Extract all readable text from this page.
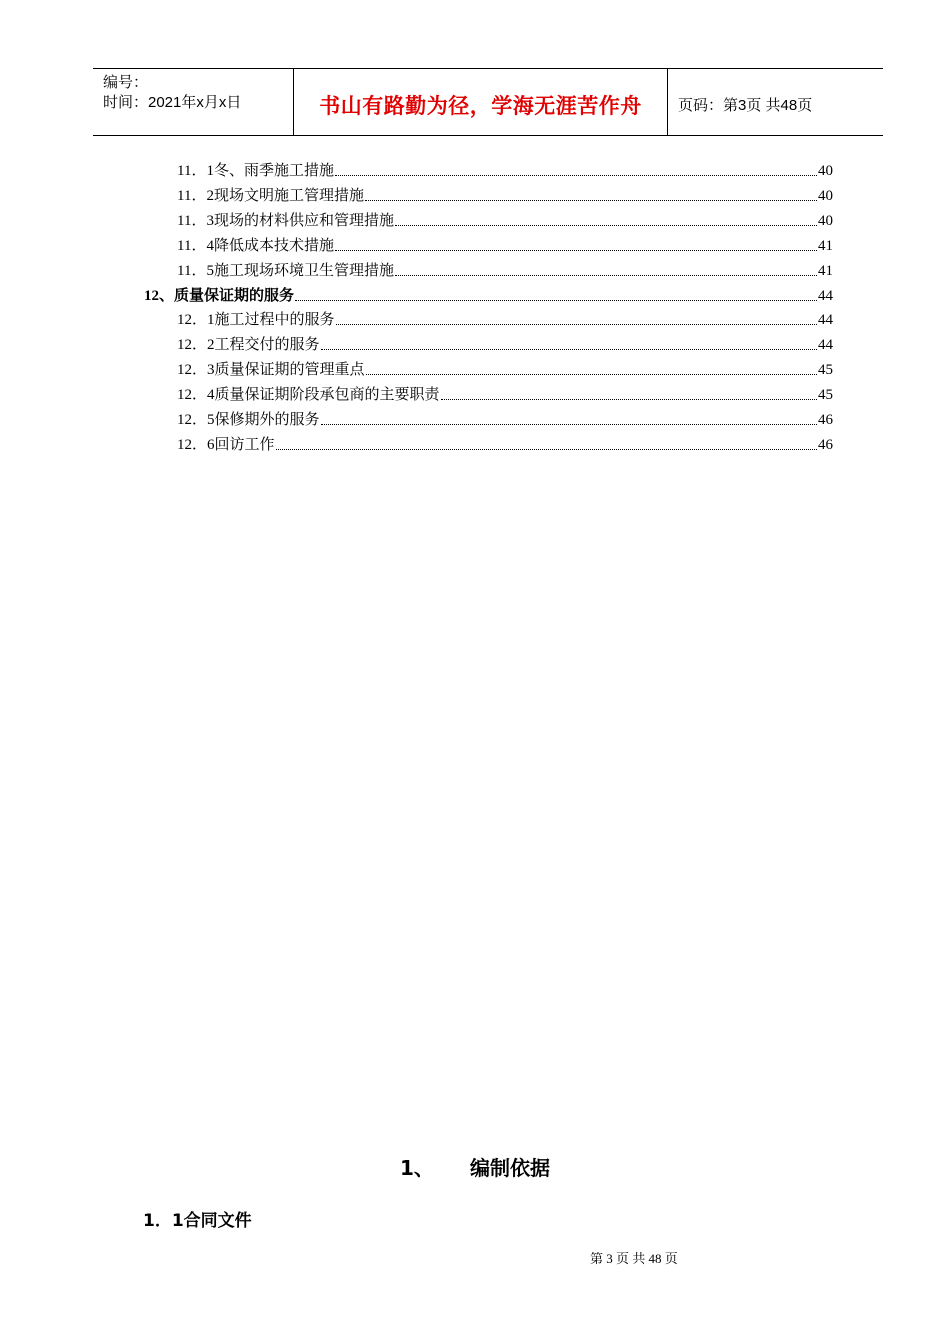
编号：
时间：2021年x月x日	书山有路勤为径，学海无涯苦作舟	页码：第3页 共48页
11．1冬、雨季施工措施	40
11．2现场文明施工管理措施	40
11．3现场的材料供应和管理措施	40
11．4降低成本技术措施	41
11．5施工现场环境卫生管理措施	41
12、质量保证期的服务	44
12．1施工过程中的服务	44
12．2工程交付的服务	44
12．3质量保证期的管理重点	45
12．4质量保证期阶段承包商的主要职责	45
12．5保修期外的服务	46
12．6回访工作	46
1、 编制依据
1．1合同文件
第 3 页 共 48 页
